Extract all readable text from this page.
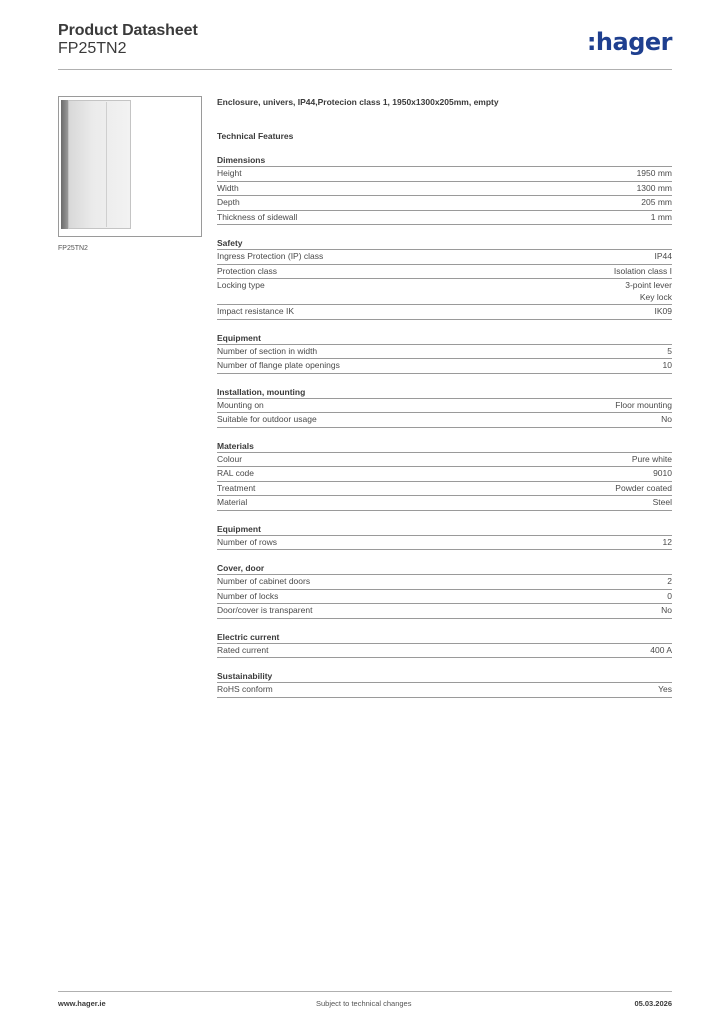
Product Datasheet
FP25TN2	:hager
FP25TN2
Enclosure, univers, IP44,Protecion class 1, 1950x1300x205mm, empty
Technical Features
Dimensions
Height	1950 mm
Width	1300 mm
Depth	205 mm
Thickness of sidewall	1 mm
Safety
Ingress Protection (IP) class	IP44
Protection class	Isolation class I
Locking type	3-point lever
Key lock
Impact resistance IK	IK09
Equipment
Number of section in width	5
Number of flange plate openings	10
Installation, mounting
Mounting on	Floor mounting
Suitable for outdoor usage	No
Materials
Colour	Pure white
RAL code	9010
Treatment	Powder coated
Material	Steel
Equipment
Number of rows	12
Cover, door
Number of cabinet doors	2
Number of locks	0
Door/cover is transparent	No
Electric current
Rated current	400 A
Sustainability
RoHS conform	Yes
www.hager.ie	Subject to technical changes	05.03.2026
